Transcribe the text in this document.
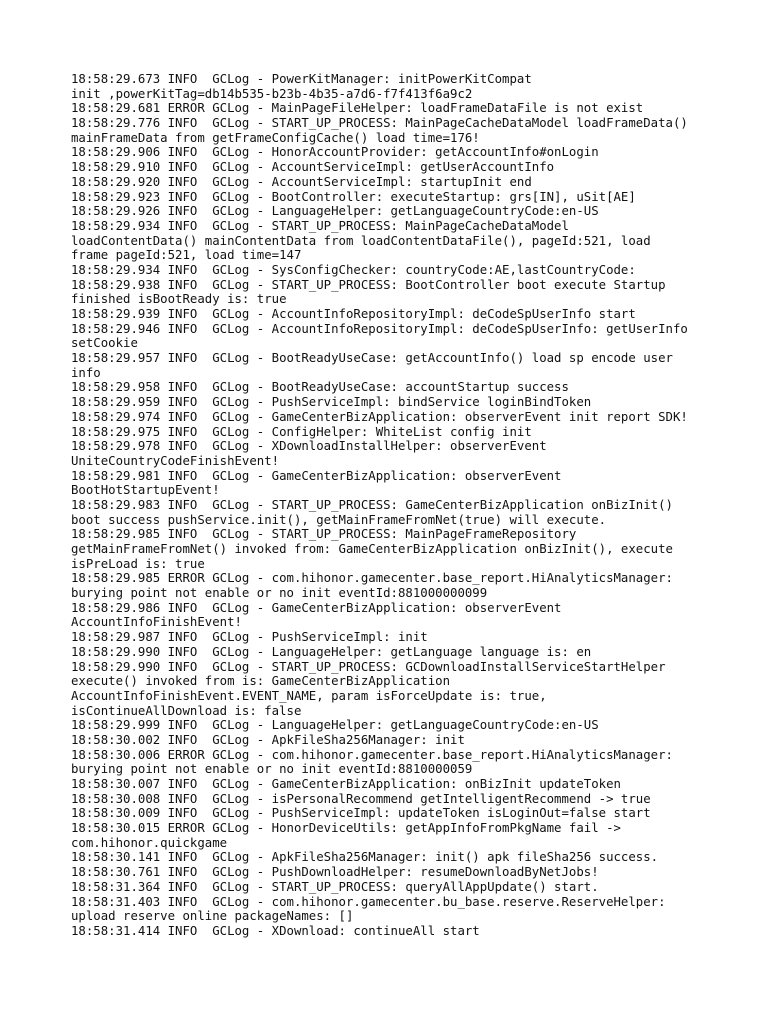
18:58:29.673 INFO  GCLog - PowerKitManager: initPowerKitCompat
init ,powerKitTag=db14b535-b23b-4b35-a7d6-f7f413f6a9c2
18:58:29.681 ERROR GCLog - MainPageFileHelper: loadFrameDataFile is not exist
18:58:29.776 INFO  GCLog - START_UP_PROCESS: MainPageCacheDataModel loadFrameData()
mainFrameData from getFrameConfigCache() load time=176!
18:58:29.906 INFO  GCLog - HonorAccountProvider: getAccountInfo#onLogin
18:58:29.910 INFO  GCLog - AccountServiceImpl: getUserAccountInfo
18:58:29.920 INFO  GCLog - AccountServiceImpl: startupInit end
18:58:29.923 INFO  GCLog - BootController: executeStartup: grs[IN], uSit[AE]
18:58:29.926 INFO  GCLog - LanguageHelper: getLanguageCountryCode:en-US
18:58:29.934 INFO  GCLog - START_UP_PROCESS: MainPageCacheDataModel
loadContentData() mainContentData from loadContentDataFile(), pageId:521, load
frame pageId:521, load time=147
18:58:29.934 INFO  GCLog - SysConfigChecker: countryCode:AE,lastCountryCode:
18:58:29.938 INFO  GCLog - START_UP_PROCESS: BootController boot execute Startup
finished isBootReady is: true
18:58:29.939 INFO  GCLog - AccountInfoRepositoryImpl: deCodeSpUserInfo start
18:58:29.946 INFO  GCLog - AccountInfoRepositoryImpl: deCodeSpUserInfo: getUserInfo
setCookie
18:58:29.957 INFO  GCLog - BootReadyUseCase: getAccountInfo() load sp encode user
info
18:58:29.958 INFO  GCLog - BootReadyUseCase: accountStartup success
18:58:29.959 INFO  GCLog - PushServiceImpl: bindService loginBindToken
18:58:29.974 INFO  GCLog - GameCenterBizApplication: observerEvent init report SDK!
18:58:29.975 INFO  GCLog - ConfigHelper: WhiteList config init
18:58:29.978 INFO  GCLog - XDownloadInstallHelper: observerEvent
UniteCountryCodeFinishEvent!
18:58:29.981 INFO  GCLog - GameCenterBizApplication: observerEvent
BootHotStartupEvent!
18:58:29.983 INFO  GCLog - START_UP_PROCESS: GameCenterBizApplication onBizInit()
boot success pushService.init(), getMainFrameFromNet(true) will execute.
18:58:29.985 INFO  GCLog - START_UP_PROCESS: MainPageFrameRepository
getMainFrameFromNet() invoked from: GameCenterBizApplication onBizInit(), execute
isPreLoad is: true
18:58:29.985 ERROR GCLog - com.hihonor.gamecenter.base_report.HiAnalyticsManager:
burying point not enable or no init eventId:881000000099
18:58:29.986 INFO  GCLog - GameCenterBizApplication: observerEvent
AccountInfoFinishEvent!
18:58:29.987 INFO  GCLog - PushServiceImpl: init
18:58:29.990 INFO  GCLog - LanguageHelper: getLanguage language is: en
18:58:29.990 INFO  GCLog - START_UP_PROCESS: GCDownloadInstallServiceStartHelper
execute() invoked from is: GameCenterBizApplication
AccountInfoFinishEvent.EVENT_NAME, param isForceUpdate is: true,
isContinueAllDownload is: false
18:58:29.999 INFO  GCLog - LanguageHelper: getLanguageCountryCode:en-US
18:58:30.002 INFO  GCLog - ApkFileSha256Manager: init
18:58:30.006 ERROR GCLog - com.hihonor.gamecenter.base_report.HiAnalyticsManager:
burying point not enable or no init eventId:8810000059
18:58:30.007 INFO  GCLog - GameCenterBizApplication: onBizInit updateToken
18:58:30.008 INFO  GCLog - isPersonalRecommend getIntelligentRecommend -> true
18:58:30.009 INFO  GCLog - PushServiceImpl: updateToken isLoginOut=false start
18:58:30.015 ERROR GCLog - HonorDeviceUtils: getAppInfoFromPkgName fail ->
com.hihonor.quickgame
18:58:30.141 INFO  GCLog - ApkFileSha256Manager: init() apk fileSha256 success.
18:58:30.761 INFO  GCLog - PushDownloadHelper: resumeDownloadByNetJobs!
18:58:31.364 INFO  GCLog - START_UP_PROCESS: queryAllAppUpdate() start.
18:58:31.403 INFO  GCLog - com.hihonor.gamecenter.bu_base.reserve.ReserveHelper:
upload reserve online packageNames: []
18:58:31.414 INFO  GCLog - XDownload: continueAll start
